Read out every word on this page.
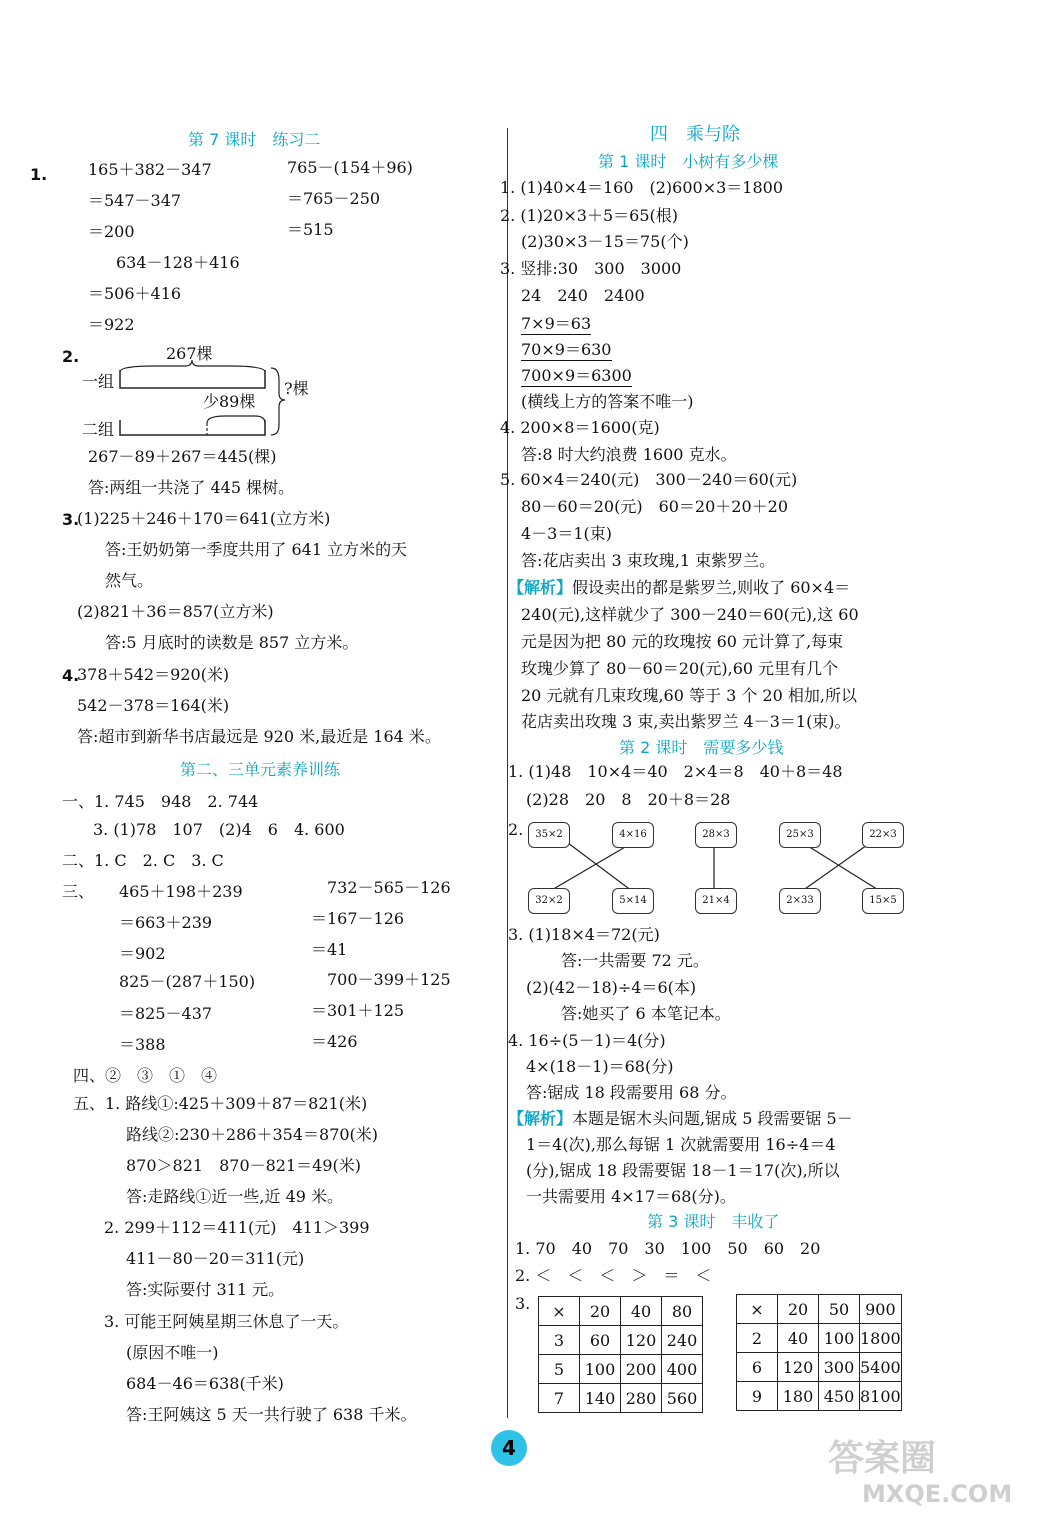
第 7 课时　练习二
1.	165＋382－347
＝547－347
＝200
765－(154＋96)
＝765－250
＝515
634－128＋416
＝506＋416
＝922
2.	267棵
一组
少89棵
二组
?棵
267－89＋267＝445(棵)
答:两组一共浇了 445 棵树。
3.
(1)225＋246＋170＝641(立方米)
答:王奶奶第一季度共用了 641 立方米的天
然气。
(2)821＋36＝857(立方米)
答:5 月底时的读数是 857 立方米。
4.
378＋542＝920(米)
542－378＝164(米)
答:超市到新华书店最远是 920 米,最近是 164 米。
第二、三单元素养训练
一、1. 745　948　2. 744
3. (1)78　107　(2)4　6　4. 600
二、1. C　2. C　3. C
三、 465＋198＋239
＝663＋239
＝902
732－565－126
＝167－126
＝41
825－(287＋150)
＝825－437
＝388
700－399＋125
＝301＋125
＝426
四、②　③　①　④
五、1. 路线①:425＋309＋87＝821(米)
路线②:230＋286＋354＝870(米)
870＞821　870－821＝49(米)
答:走路线①近一些,近 49 米。
2. 299＋112＝411(元)　411＞399
411－80－20＝311(元)
答:实际要付 311 元。
3. 可能王阿姨星期三休息了一天。
(原因不唯一)
684－46＝638(千米)
答:王阿姨这 5 天一共行驶了 638 千米。
四　乘与除
第 1 课时　小树有多少棵
1. (1)40×4＝160　(2)600×3＝1800
2. (1)20×3＋5＝65(根)
(2)30×3－15＝75(个)
3. 竖排:30　300　3000
24　240　2400
7×9＝63
70×9＝630
700×9＝6300
(横线上方的答案不唯一)
4. 200×8＝1600(克)
答:8 时大约浪费 1600 克水。
5. 60×4＝240(元)　300－240＝60(元)
80－60＝20(元)　60＝20＋20＋20
4－3＝1(束)
答:花店卖出 3 束玫瑰,1 束紫罗兰。
【解析】假设卖出的都是紫罗兰,则收了 60×4＝
240(元),这样就少了 300－240＝60(元),这 60
元是因为把 80 元的玫瑰按 60 元计算了,每束
玫瑰少算了 80－60＝20(元),60 元里有几个
20 元就有几束玫瑰,60 等于 3 个 20 相加,所以
花店卖出玫瑰 3 束,卖出紫罗兰 4－3＝1(束)。
第 2 课时　需要多少钱
1. (1)48　10×4＝40　2×4＝8　40＋8＝48
(2)28　20　8　20＋8＝28
2.	35×2	4×16	28×3	25×3	22×3
32×2	5×14	21×4	2×33	15×5
3. (1)18×4＝72(元)
答:一共需要 72 元。
(2)(42－18)÷4＝6(本)
答:她买了 6 本笔记本。
4. 16÷(5－1)＝4(分)
4×(18－1)＝68(分)
答:锯成 18 段需要用 68 分。
【解析】本题是锯木头问题,锯成 5 段需要锯 5－
1＝4(次),那么每锯 1 次就需要用 16÷4＝4
(分),锯成 18 段需要锯 18－1＝17(次),所以
一共需要用 4×17＝68(分)。
第 3 课时　丰收了
1. 70　40　70　30　100　50　60　20
2. ＜　＜　＜　＞　＝　＜
3. ×	20	40	80
3	60	120	240
5	100	200	400
7	140	280	560
×	20	50	900
2	40	100	1800
6	120	300	5400
9	180	450	8100
4	答案圈
MXQE.COM
